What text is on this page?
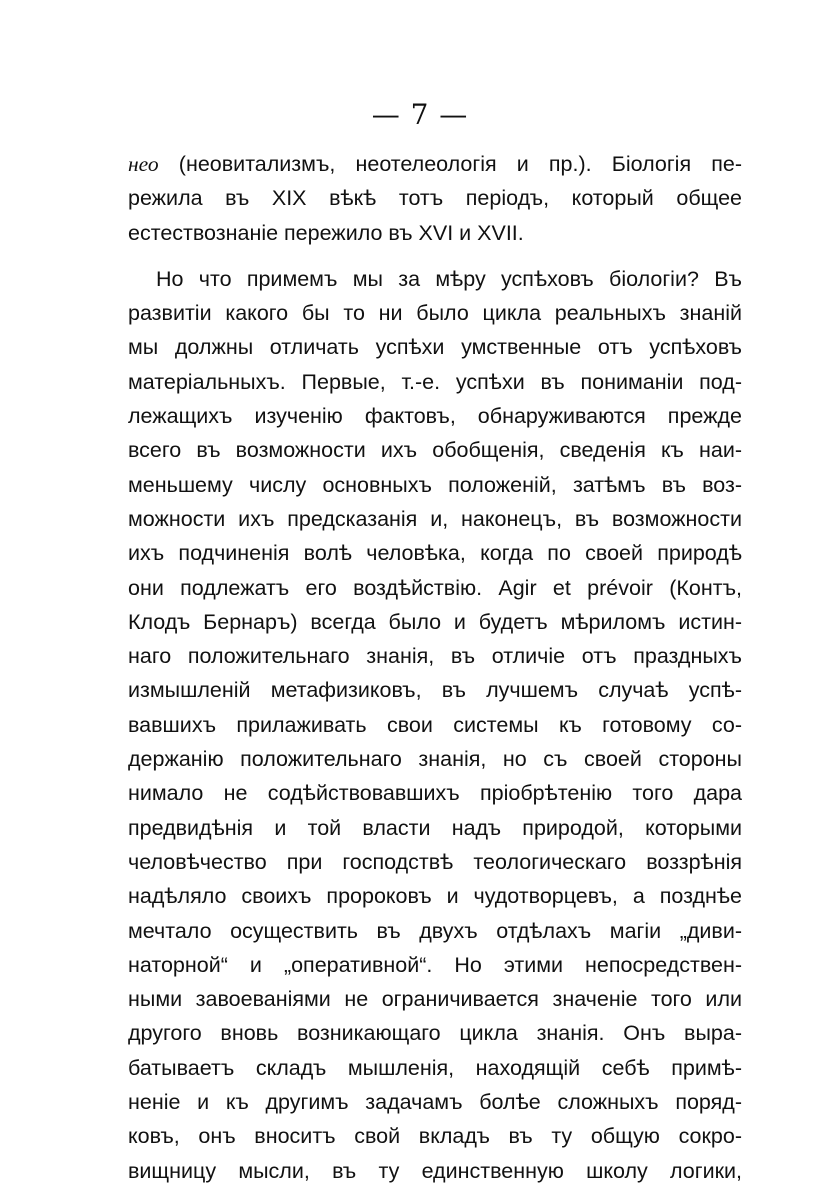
— 7 —
нео (неовитализмъ, неотелеологія и пр.). Біологія пе-
режила въ XIX вѣкѣ тотъ періодъ, который общее
естествознаніе пережило въ XVI и XVII.
Но что примемъ мы за мѣру успѣховъ біологіи? Въ
развитіи какого бы то ни было цикла реальныхъ знаній
мы должны отличать успѣхи умственные отъ успѣховъ
матеріальныхъ. Первые, т.-е. успѣхи въ пониманіи под-
лежащихъ изученію фактовъ, обнаруживаются прежде
всего въ возможности ихъ обобщенія, сведенія къ наи-
меньшему числу основныхъ положеній, затѣмъ въ воз-
можности ихъ предсказанія и, наконецъ, въ возможности
ихъ подчиненія волѣ человѣка, когда по своей природѣ
они подлежатъ его воздѣйствію. Agir et prévoir (Контъ,
Клодъ Бернаръ) всегда было и будетъ мѣриломъ истин-
наго положительнаго знанія, въ отличіе отъ праздныхъ
измышленій метафизиковъ, въ лучшемъ случаѣ успѣ-
вавшихъ прилаживать свои системы къ готовому со-
держанію положительнаго знанія, но съ своей стороны
нимало не содѣйствовавшихъ пріобрѣтенію того дара
предвидѣнія и той власти надъ природой, которыми
человѣчество при господствѣ теологическаго воззрѣнія
надѣляло своихъ пророковъ и чудотворцевъ, а позднѣе
мечтало осуществить въ двухъ отдѣлахъ магіи „диви-
наторной“ и „оперативной“. Но этими непосредствен-
ными завоеваніями не ограничивается значеніе того или
другого вновь возникающаго цикла знанія. Онъ выра-
батываетъ складъ мышленія, находящій себѣ примѣ-
неніе и къ другимъ задачамъ болѣе сложныхъ поряд-
ковъ, онъ вноситъ свой вкладъ въ ту общую сокро-
вищницу мысли, въ ту единственную школу логики,
